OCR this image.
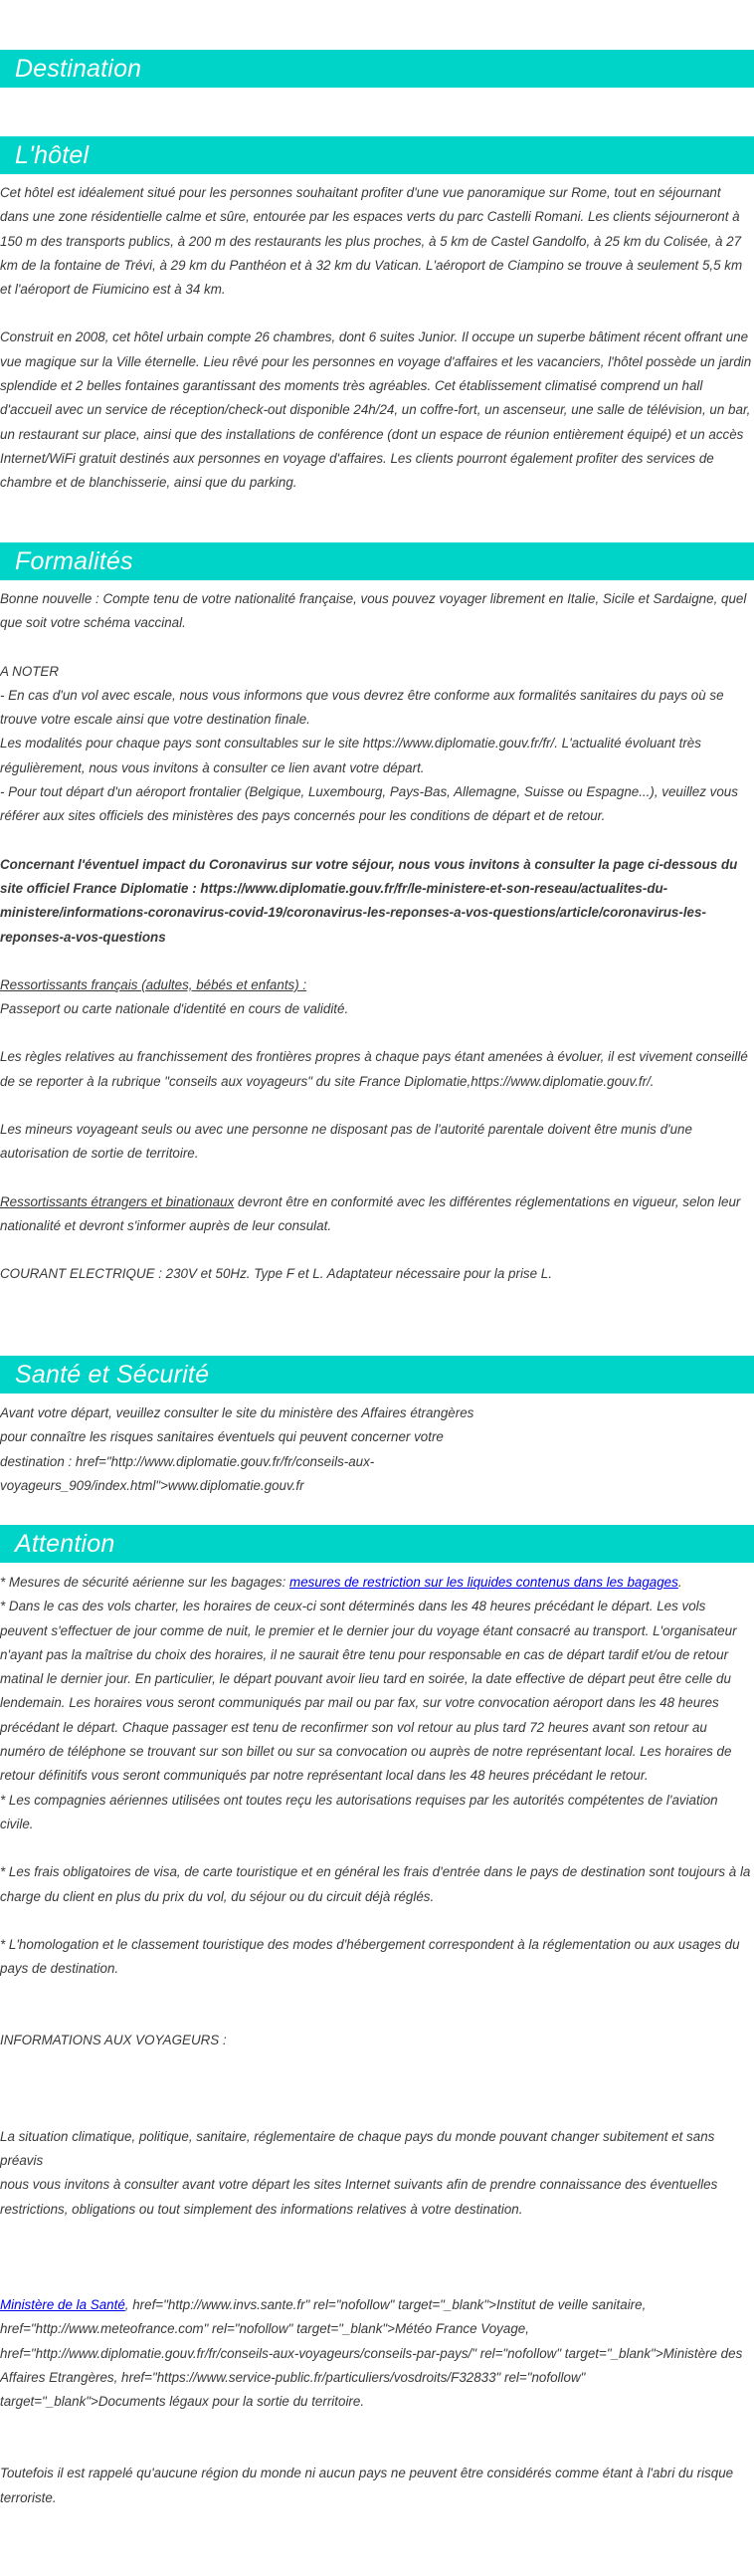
Destination
L'hôtel

Cet hôtel est idéalement situé pour les personnes souhaitant profiter d'une vue panoramique sur Rome, tout en séjournant dans une zone résidentielle calme et sûre, entourée par les espaces verts du parc Castelli Romani. Les clients séjourneront à 150 m des transports publics, à 200 m des restaurants les plus proches, à 5 km de Castel Gandolfo, à 25 km du Colisée, à 27 km de la fontaine de Trévi, à 29 km du Panthéon et à 32 km du Vatican. L'aéroport de Ciampino se trouve à seulement 5,5 km et l'aéroport de Fiumicino est à 34 km.

Construit en 2008, cet hôtel urbain compte 26 chambres, dont 6 suites Junior. Il occupe un superbe bâtiment récent offrant une vue magique sur la Ville éternelle. Lieu rêvé pour les personnes en voyage d'affaires et les vacanciers, l'hôtel possède un jardin splendide et 2 belles fontaines garantissant des moments très agréables. Cet établissement climatisé comprend un hall d'accueil avec un service de réception/check-out disponible 24h/24, un coffre-fort, un ascenseur, une salle de télévision, un bar, un restaurant sur place, ainsi que des installations de conférence (dont un espace de réunion entièrement équipé) et un accès Internet/WiFi gratuit destinés aux personnes en voyage d'affaires. Les clients pourront également profiter des services de chambre et de blanchisserie, ainsi que du parking.

Formalités

Bonne nouvelle : Compte tenu de votre nationalité française, vous pouvez voyager librement en Italie, Sicile et Sardaigne, quel que soit votre schéma vaccinal.

A NOTER

- En cas d'un vol avec escale, nous vous informons que vous devrez être conforme aux formalités sanitaires du pays où se trouve votre escale ainsi que votre destination finale.

Les modalités pour chaque pays sont consultables sur le site https://www.diplomatie.gouv.fr/fr/. L'actualité évoluant très régulièrement, nous vous invitons à consulter ce lien avant votre départ.

- Pour tout départ d'un aéroport frontalier (Belgique, Luxembourg, Pays-Bas, Allemagne, Suisse ou Espagne...), veuillez vous référer aux sites officiels des ministères des pays concernés pour les conditions de départ et de retour.

Concernant l'éventuel impact du Coronavirus sur votre séjour, nous vous invitons à consulter la page ci-dessous du site officiel France Diplomatie : https://www.diplomatie.gouv.fr/fr/le-ministere-et-son-reseau/actualites-du-ministere/informations-coronavirus-covid-19/coronavirus-les-reponses-a-vos-questions/article/coronavirus-les-reponses-a-vos-questions

Ressortissants français (adultes, bébés et enfants) :

Passeport ou carte nationale d'identité en cours de validité.

Les règles relatives au franchissement des frontières propres à chaque pays étant amenées à évoluer, il est vivement conseillé de se reporter à la rubrique "conseils aux voyageurs" du site France Diplomatie,https://www.diplomatie.gouv.fr/.

Les mineurs voyageant seuls ou avec une personne ne disposant pas de l'autorité parentale doivent être munis d'une autorisation de sortie de territoire.

Ressortissants étrangers et binationaux devront être en conformité avec les différentes réglementations en vigueur, selon leur nationalité et devront s'informer auprès de leur consulat.

COURANT ELECTRIQUE : 230V et 50Hz. Type F et L. Adaptateur nécessaire pour la prise L.

Santé et Sécurité

Avant votre départ, veuillez consulter le site du ministère des Affaires étrangères pour connaître les risques sanitaires éventuels qui peuvent concerner votre destination : href="http://www.diplomatie.gouv.fr/fr/conseils-aux-voyageurs_909/index.html">www.diplomatie.gouv.fr

Attention

* Mesures de sécurité aérienne sur les bagages: mesures de restriction sur les liquides contenus dans les bagages.

* Dans le cas des vols charter, les horaires de ceux-ci sont déterminés dans les 48 heures précédant le départ. Les vols peuvent s'effectuer de jour comme de nuit, le premier et le dernier jour du voyage étant consacré au transport. L'organisateur n'ayant pas la maîtrise du choix des horaires, il ne saurait être tenu pour responsable en cas de départ tardif et/ou de retour matinal le dernier jour. En particulier, le départ pouvant avoir lieu tard en soirée, la date effective de départ peut être celle du lendemain. Les horaires vous seront communiqués par mail ou par fax, sur votre convocation aéroport dans les 48 heures précédant le départ. Chaque passager est tenu de reconfirmer son vol retour au plus tard 72 heures avant son retour au numéro de téléphone se trouvant sur son billet ou sur sa convocation ou auprès de notre représentant local. Les horaires de retour définitifs vous seront communiqués par notre représentant local dans les 48 heures précédant le retour.

* Les compagnies aériennes utilisées ont toutes reçu les autorisations requises par les autorités compétentes de l'aviation civile.

* Les frais obligatoires de visa, de carte touristique et en général les frais d'entrée dans le pays de destination sont toujours à la charge du client en plus du prix du vol, du séjour ou du circuit déjà réglés.

* L'homologation et le classement touristique des modes d'hébergement correspondent à la réglementation ou aux usages du pays de destination.

INFORMATIONS AUX VOYAGEURS :

La situation climatique, politique, sanitaire, réglementaire de chaque pays du monde pouvant changer subitement et sans préavis

nous vous invitons à consulter avant votre départ les sites Internet suivants afin de prendre connaissance des éventuelles restrictions, obligations ou tout simplement des informations relatives à votre destination.

Ministère de la Santé, href="http://www.invs.sante.fr" rel="nofollow" target="_blank">Institut de veille sanitaire, href="http://www.meteofrance.com" rel="nofollow" target="_blank">Météo France Voyage, href="http://www.diplomatie.gouv.fr/fr/conseils-aux-voyageurs/conseils-par-pays/" rel="nofollow" target="_blank">Ministère des Affaires Etrangères, href="https://www.service-public.fr/particuliers/vosdroits/F32833" rel="nofollow" target="_blank">Documents légaux pour la sortie du territoire.

Toutefois il est rappelé qu'aucune région du monde ni aucun pays ne peuvent être considérés comme étant à l'abri du risque terroriste.
